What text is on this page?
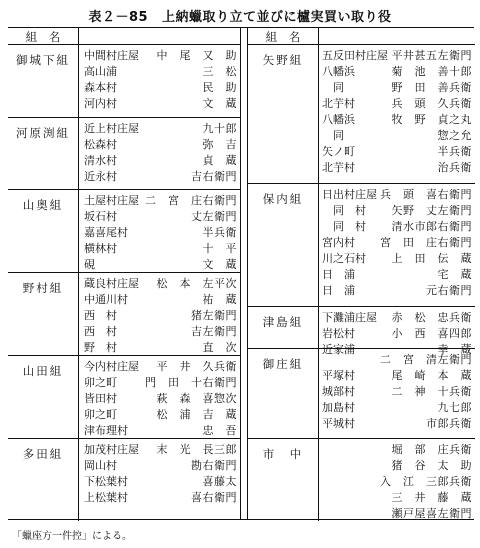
表２－85 上納蠟取り立て並びに櫨実買い取り役
組　名
御城下組	中間村庄屋 中　尾　又　助
高山浦	三　松
森本村	民　助
河内村	文　蔵
河原渕組	近上村庄屋	九十郎
松森村	弥　吉
清水村	貞　蔵
近永村	吉右衛門
山奥組	土屋村庄屋 二　宮　庄右衛門
坂石村	丈左衛門
嘉喜尾村	半兵衛
横林村	十　平
硯	文　蔵
野村組	蔵良村庄屋 松　本　左平次
中通川村	祐　蔵
西　村	猪左衛門
西　村	吉左衛門
野　村	直　次
山田組	今内村庄屋 平　井　久兵衛
卯之町	門　田　十右衛門
皆田村	萩　森　喜惣次
卯之町	松　浦　吉　蔵
津布理村	忠　吾
多田組	加茂村庄屋 末　光　長三郎
岡山村	勘右衛門
下松葉村	喜藤太
上松葉村	喜右衛門
組　名
矢野組	五反田村庄屋 平井甚五左衛門
八幡浜	菊　池　善十郎
　同	野　田　善兵衛
北芋村	兵　頭　久兵衛
八幡浜	牧　野　貞之丸
　同	惣之允
矢ノ町	半兵衛
北芋村	治兵衛
保内組	日出村庄屋 兵　頭　喜右衛門
　同　村 矢野　丈左衛門
　同　村 清水市郎右衛門
宮内村 宮　田　庄右衛門
川之石村 上　田　伝　蔵
日　浦	宅　蔵
日　浦	元右衛門
津島組	下灘浦庄屋 赤　松　忠兵衛
岩松村	小　西　喜四郎
近家浦	幸　蔵
御庄組	二　宮　清左衛門
平塚村	尾　崎　本　蔵
城部村	二　神　十兵衛
加島村	九七郎
平城村	市郎兵衛
市　中	堀　部　庄兵衛
猪　谷　太　助
入　江　三郎兵衛
三　井　藤　蔵
瀬戸屋喜左衛門
「蠟座方一件控」による。
